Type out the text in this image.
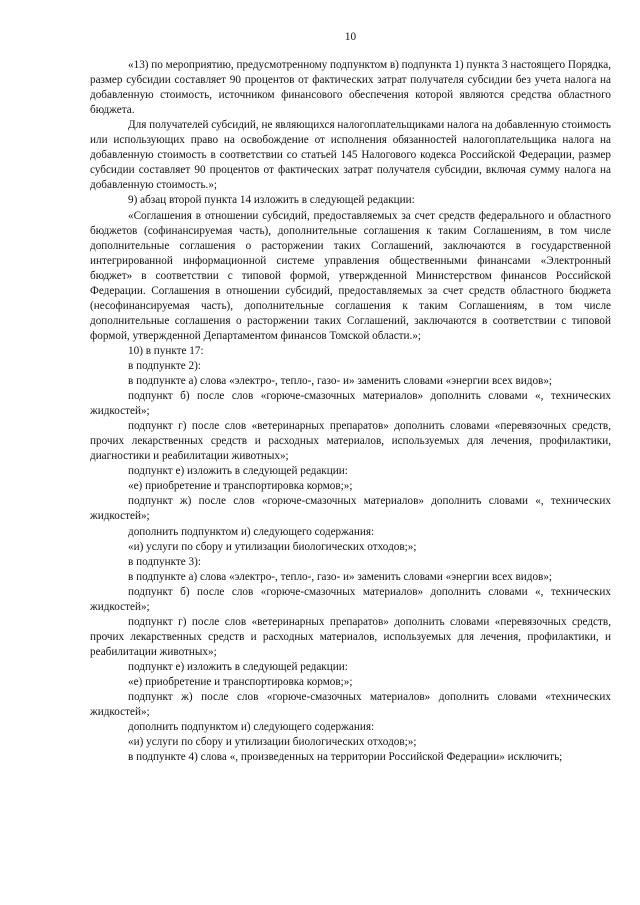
10

«13) по мероприятию, предусмотренному подпунктом в) подпункта 1) пункта 3 настоящего Порядка, размер субсидии составляет 90 процентов от фактических затрат получателя субсидии без учета налога на добавленную стоимость, источником финансового обеспечения которой являются средства областного бюджета.

Для получателей субсидий, не являющихся налогоплательщиками налога на добавленную стоимость или использующих право на освобождение от исполнения обязанностей налогоплательщика налога на добавленную стоимость в соответствии со статьей 145 Налогового кодекса Российской Федерации, размер субсидии составляет 90 процентов от фактических затрат получателя субсидии, включая сумму налога на добавленную стоимость.»;

9) абзац второй пункта 14 изложить в следующей редакции:

«Соглашения в отношении субсидий, предоставляемых за счет средств федерального и областного бюджетов (софинансируемая часть), дополнительные соглашения к таким Соглашениям, в том числе дополнительные соглашения о расторжении таких Соглашений, заключаются в государственной интегрированной информационной системе управления общественными финансами «Электронный бюджет» в соответствии с типовой формой, утвержденной Министерством финансов Российской Федерации. Соглашения в отношении субсидий, предоставляемых за счет средств областного бюджета (несофинансируемая часть), дополнительные соглашения к таким Соглашениям, в том числе дополнительные соглашения о расторжении таких Соглашений, заключаются в соответствии с типовой формой, утвержденной Департаментом финансов Томской области.»;

10) в пункте 17:

в подпункте 2):

в подпункте а) слова «электро-, тепло-, газо- и» заменить словами «энергии всех видов»;

подпункт б) после слов «горюче-смазочных материалов» дополнить словами «, технических жидкостей»;

подпункт г) после слов «ветеринарных препаратов» дополнить словами «перевязочных средств, прочих лекарственных средств и расходных материалов, используемых для лечения, профилактики, диагностики и реабилитации животных»;

подпункт е) изложить в следующей редакции:

«е) приобретение и транспортировка кормов;»;

подпункт ж) после слов «горюче-смазочных материалов» дополнить словами «, технических жидкостей»;

дополнить подпунктом и) следующего содержания:

«и) услуги по сбору и утилизации биологических отходов;»;

в подпункте 3):

в подпункте а) слова «электро-, тепло-, газо- и» заменить словами «энергии всех видов»;

подпункт б) после слов «горюче-смазочных материалов» дополнить словами «, технических жидкостей»;

подпункт г) после слов «ветеринарных препаратов» дополнить словами «перевязочных средств, прочих лекарственных средств и расходных материалов, используемых для лечения, профилактики, и реабилитации животных»;

подпункт е) изложить в следующей редакции:

«е) приобретение и транспортировка кормов;»;

подпункт ж) после слов «горюче-смазочных материалов» дополнить словами «технических жидкостей»;

дополнить подпунктом и) следующего содержания:

«и) услуги по сбору и утилизации биологических отходов;»;

в подпункте 4) слова «, произведенных на территории Российской Федерации» исключить;
